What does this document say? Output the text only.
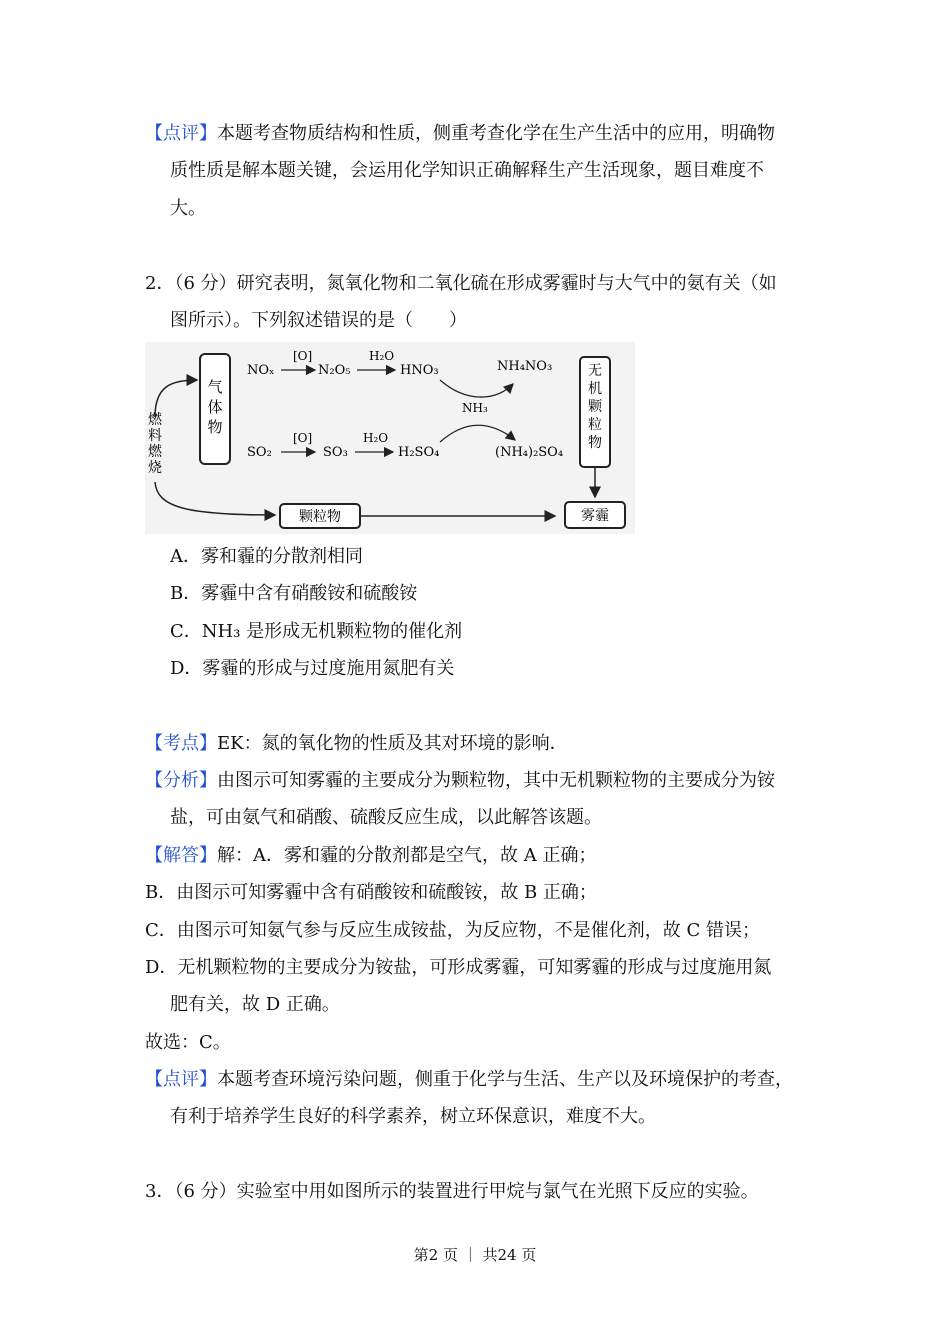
【点评】本题考查物质结构和性质，侧重考查化学在生产生活中的应用，明确物
质性质是解本题关键，会运用化学知识正确解释生产生活现象，题目难度不
大。
2．（6 分）研究表明，氮氧化物和二氧化硫在形成雾霾时与大气中的氨有关（如
图所示）。下列叙述错误的是（　　）
气体物
燃料燃烧
NOₓ
[O]
N₂O₅
H₂O
HNO₃	NH₄NO₃
NH₃
SO₂
[O]
SO₃
H₂O
H₂SO₄	(NH₄)₂SO₄
无机颗粒物
颗粒物	雾霾
A．雾和霾的分散剂相同
B．雾霾中含有硝酸铵和硫酸铵
C．NH₃ 是形成无机颗粒物的催化剂
D．雾霾的形成与过度施用氮肥有关
【考点】EK：氮的氧化物的性质及其对环境的影响．
【分析】由图示可知雾霾的主要成分为颗粒物，其中无机颗粒物的主要成分为铵
盐，可由氨气和硝酸、硫酸反应生成，以此解答该题。
【解答】解：A．雾和霾的分散剂都是空气，故 A 正确；
B．由图示可知雾霾中含有硝酸铵和硫酸铵，故 B 正确；
C．由图示可知氨气参与反应生成铵盐，为反应物，不是催化剂，故 C 错误；
D．无机颗粒物的主要成分为铵盐，可形成雾霾，可知雾霾的形成与过度施用氮
肥有关，故 D 正确。
故选：C。
【点评】本题考查环境污染问题，侧重于化学与生活、生产以及环境保护的考查，
有利于培养学生良好的科学素养，树立环保意识，难度不大。
3．（6 分）实验室中用如图所示的装置进行甲烷与氯气在光照下反应的实验。
第2 页 ｜ 共24 页
